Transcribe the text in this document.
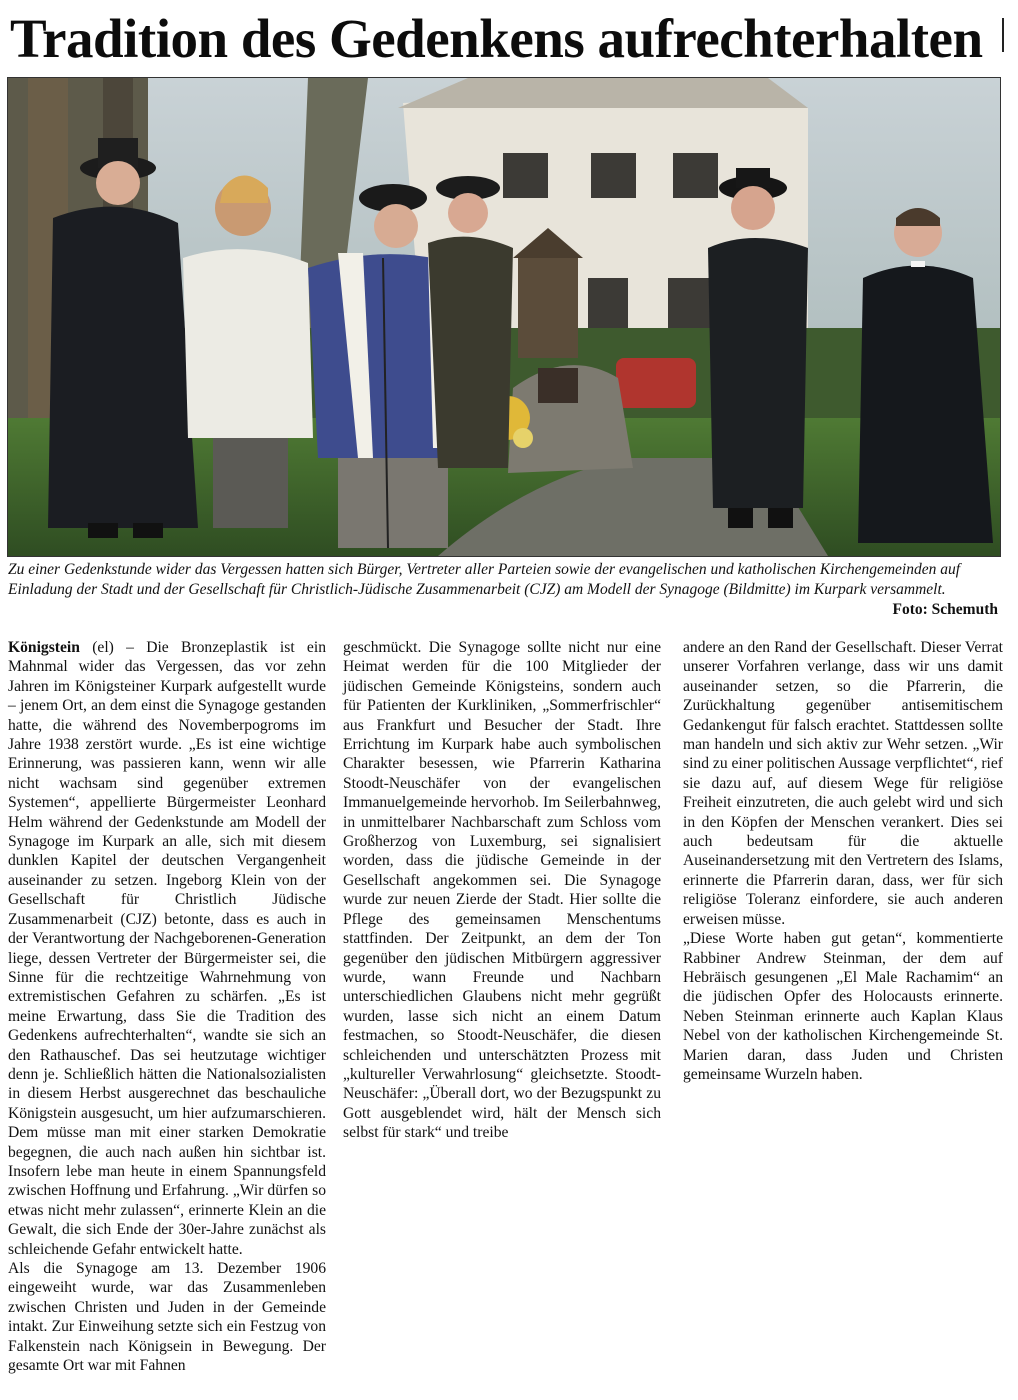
Tradition des Gedenkens aufrechterhalten
Zu einer Gedenkstunde wider das Vergessen hatten sich Bürger, Vertreter aller Parteien sowie der evangelischen und katholischen Kirchengemeinden auf Einladung der Stadt und der Gesellschaft für Christlich-Jüdische Zusammenarbeit (CJZ) am Modell der Synagoge (Bildmitte) im Kurpark versammelt.
Foto: Schemuth

Königstein (el) – Die Bronzeplastik ist ein Mahnmal wider das Vergessen, das vor zehn Jahren im Königsteiner Kurpark aufgestellt wurde – jenem Ort, an dem einst die Synagoge gestanden hatte, die während des Novemberpogroms im Jahre 1938 zerstört wurde. „Es ist eine wichtige Erinnerung, was passieren kann, wenn wir alle nicht wachsam sind gegenüber extremen Systemen“, appellierte Bürgermeister Leonhard Helm während der Gedenkstunde am Modell der Synagoge im Kurpark an alle, sich mit diesem dunklen Kapitel der deutschen Vergangenheit auseinander zu setzen. Ingeborg Klein von der Gesellschaft für Christlich Jüdische Zusammenarbeit (CJZ) betonte, dass es auch in der Verantwortung der Nachgeborenen-Generation liege, dessen Vertreter der Bürgermeister sei, die Sinne für die rechtzeitige Wahrnehmung von extremistischen Gefahren zu schärfen. „Es ist meine Erwartung, dass Sie die Tradition des Gedenkens aufrechterhalten“, wandte sie sich an den Rathauschef. Das sei heutzutage wichtiger denn je. Schließlich hätten die Nationalsozialisten in diesem Herbst ausgerechnet das beschauliche Königstein ausgesucht, um hier aufzumarschieren. Dem müsse man mit einer starken Demokratie begegnen, die auch nach außen hin sichtbar ist. Insofern lebe man heute in einem Spannungsfeld zwischen Hoffnung und Erfahrung. „Wir dürfen so etwas nicht mehr zulassen“, erinnerte Klein an die Gewalt, die sich Ende der 30er-Jahre zunächst als schleichende Gefahr entwickelt hatte.

Als die Synagoge am 13. Dezember 1906 eingeweiht wurde, war das Zusammenleben zwischen Christen und Juden in der Gemeinde intakt. Zur Einweihung setzte sich ein Festzug von Falkenstein nach Königsein in Bewegung. Der gesamte Ort war mit Fahnen

geschmückt. Die Synagoge sollte nicht nur eine Heimat werden für die 100 Mitglieder der jüdischen Gemeinde Königsteins, sondern auch für Patienten der Kurkliniken, „Sommerfrischler“ aus Frankfurt und Besucher der Stadt. Ihre Errichtung im Kurpark habe auch symbolischen Charakter besessen, wie Pfarrerin Katharina Stoodt-Neuschäfer von der evangelischen Immanuelgemeinde hervorhob. Im Seilerbahnweg, in unmittelbarer Nachbarschaft zum Schloss vom Großherzog von Luxemburg, sei signalisiert worden, dass die jüdische Gemeinde in der Gesellschaft angekommen sei. Die Synagoge wurde zur neuen Zierde der Stadt. Hier sollte die Pflege des gemeinsamen Menschentums stattfinden. Der Zeitpunkt, an dem der Ton gegenüber den jüdischen Mitbürgern aggressiver wurde, wann Freunde und Nachbarn unterschiedlichen Glaubens nicht mehr gegrüßt wurden, lasse sich nicht an einem Datum festmachen, so Stoodt-Neuschäfer, die diesen schleichenden und unterschätzten Prozess mit „kultureller Verwahrlosung“ gleichsetzte. Stoodt-Neuschäfer: „Überall dort, wo der Bezugspunkt zu Gott ausgeblendet wird, hält der Mensch sich selbst für stark“ und treibe

andere an den Rand der Gesellschaft. Dieser Verrat unserer Vorfahren verlange, dass wir uns damit auseinander setzen, so die Pfarrerin, die Zurückhaltung gegenüber antisemitischem Gedankengut für falsch erachtet. Stattdessen sollte man handeln und sich aktiv zur Wehr setzen. „Wir sind zu einer politischen Aussage verpflichtet“, rief sie dazu auf, auf diesem Wege für religiöse Freiheit einzutreten, die auch gelebt wird und sich in den Köpfen der Menschen verankert. Dies sei auch bedeutsam für die aktuelle Auseinandersetzung mit den Vertretern des Islams, erinnerte die Pfarrerin daran, dass, wer für sich religiöse Toleranz einfordere, sie auch anderen erweisen müsse.

„Diese Worte haben gut getan“, kommentierte Rabbiner Andrew Steinman, der dem auf Hebräisch gesungenen „El Male Rachamim“ an die jüdischen Opfer des Holocausts erinnerte. Neben Steinman erinnerte auch Kaplan Klaus Nebel von der katholischen Kirchengemeinde St. Marien daran, dass Juden und Christen gemeinsame Wurzeln haben.
